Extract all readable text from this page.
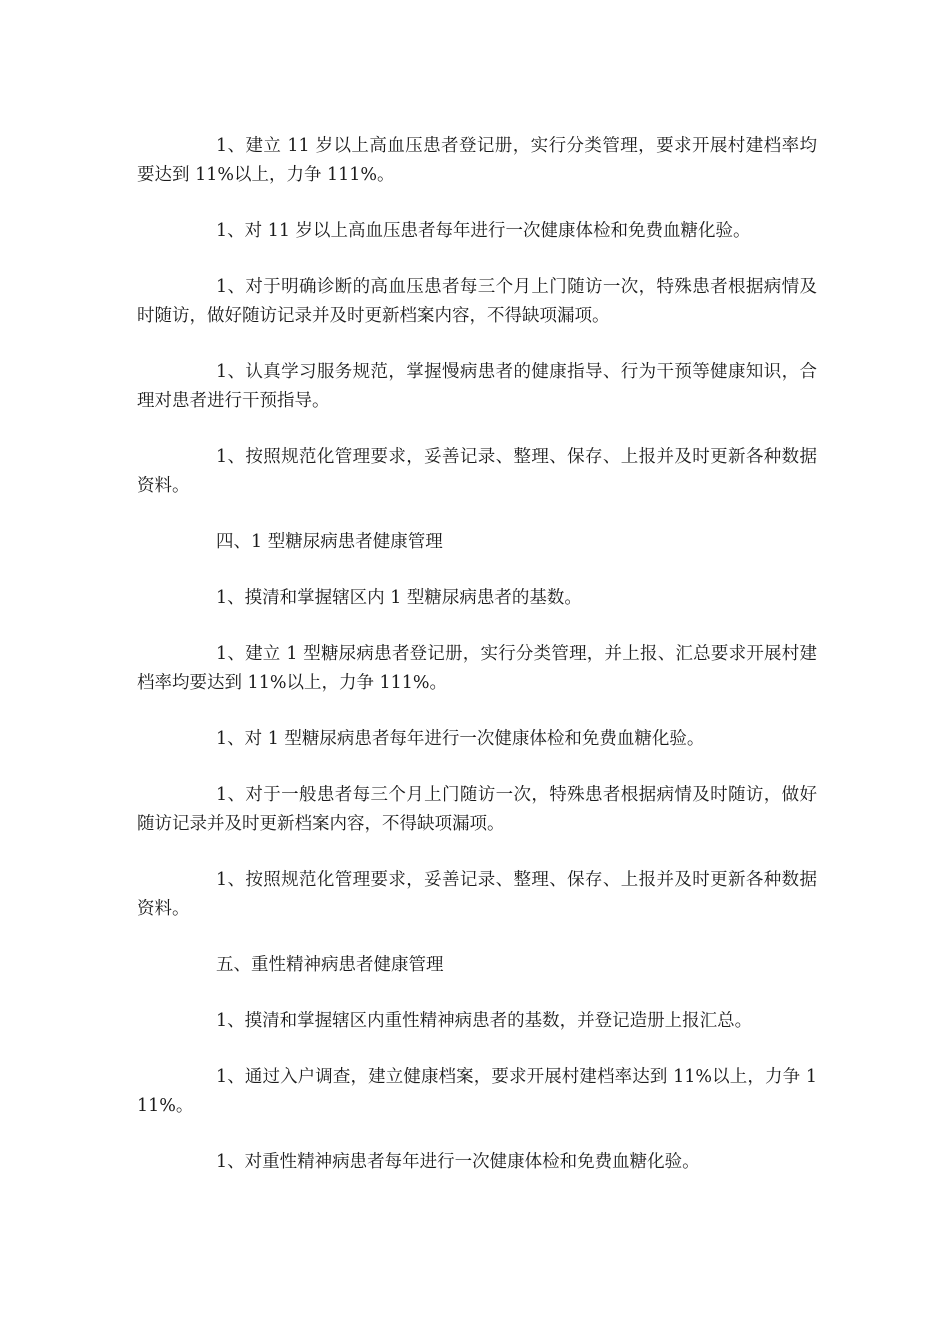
1、建立 11 岁以上高血压患者登记册，实行分类管理，要求开展村建档率均要达到 11%以上，力争 111%。

1、对 11 岁以上高血压患者每年进行一次健康体检和免费血糖化验。

1、对于明确诊断的高血压患者每三个月上门随访一次，特殊患者根据病情及时随访，做好随访记录并及时更新档案内容，不得缺项漏项。

1、认真学习服务规范，掌握慢病患者的健康指导、行为干预等健康知识，合理对患者进行干预指导。

1、按照规范化管理要求，妥善记录、整理、保存、上报并及时更新各种数据资料。

四、1 型糖尿病患者健康管理

1、摸清和掌握辖区内 1 型糖尿病患者的基数。

1、建立 1 型糖尿病患者登记册，实行分类管理，并上报、汇总要求开展村建档率均要达到 11%以上，力争 111%。

1、对 1 型糖尿病患者每年进行一次健康体检和免费血糖化验。

1、对于一般患者每三个月上门随访一次，特殊患者根据病情及时随访，做好随访记录并及时更新档案内容，不得缺项漏项。

1、按照规范化管理要求，妥善记录、整理、保存、上报并及时更新各种数据资料。

五、重性精神病患者健康管理

1、摸清和掌握辖区内重性精神病患者的基数，并登记造册上报汇总。

1、通过入户调查，建立健康档案，要求开展村建档率达到 11%以上，力争 111%。

1、对重性精神病患者每年进行一次健康体检和免费血糖化验。
